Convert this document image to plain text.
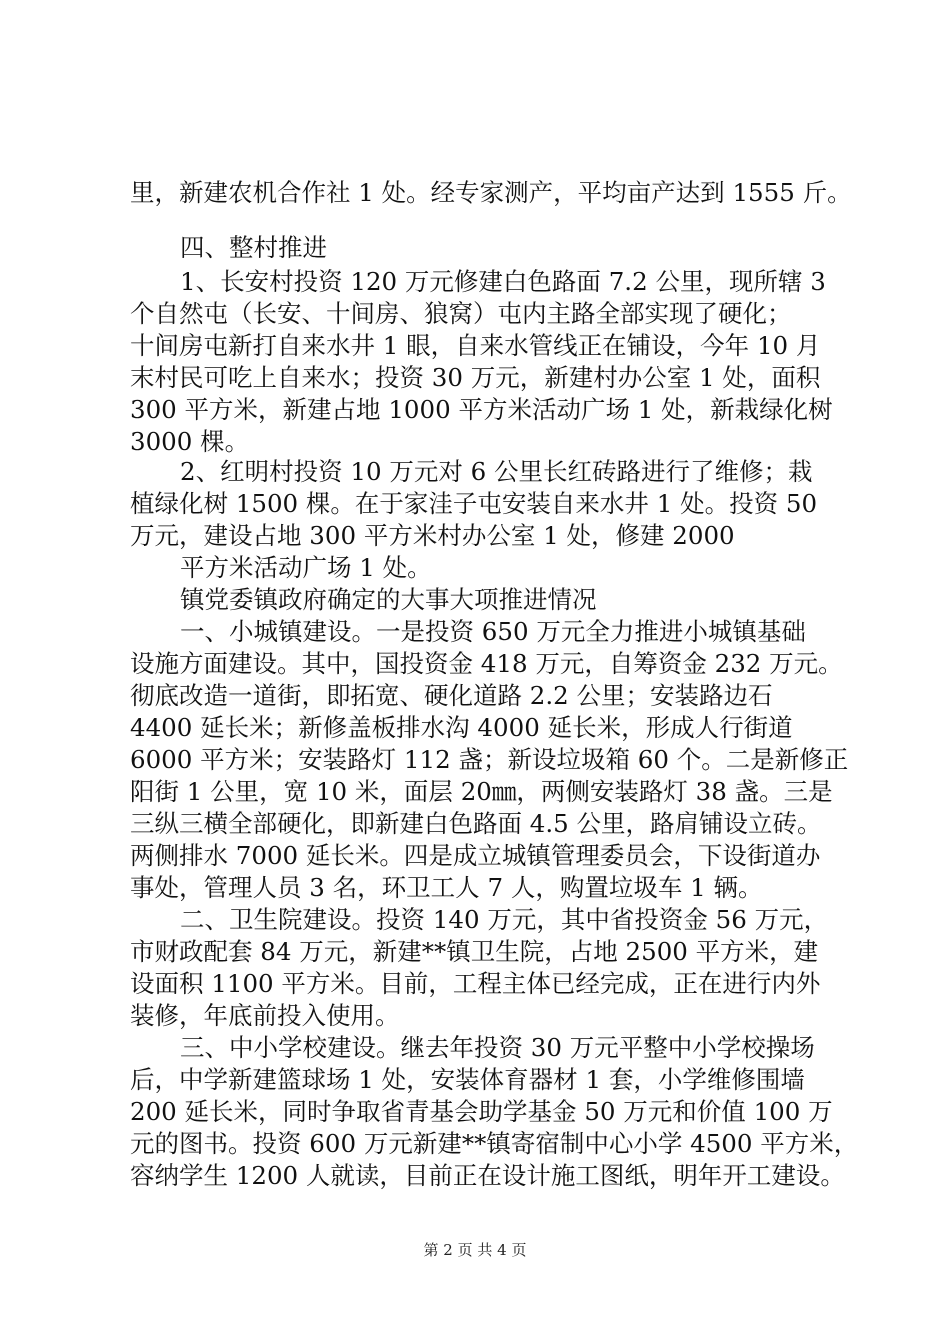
里，新建农机合作社 1 处。经专家测产，平均亩产达到 1555 斤。
四、整村推进
1、长安村投资 120 万元修建白色路面 7.2 公里，现所辖 3
个自然屯（长安、十间房、狼窝）屯内主路全部实现了硬化；
十间房屯新打自来水井 1 眼，自来水管线正在铺设，今年 10 月
末村民可吃上自来水；投资 30 万元，新建村办公室 1 处，面积
300 平方米，新建占地 1000 平方米活动广场 1 处，新栽绿化树
3000 棵。
2、红明村投资 10 万元对 6 公里长红砖路进行了维修；栽
植绿化树 1500 棵。在于家洼子屯安装自来水井 1 处。投资 50
万元，建设占地 300 平方米村办公室 1 处，修建 2000
平方米活动广场 1 处。
镇党委镇政府确定的大事大项推进情况
一、小城镇建设。一是投资 650 万元全力推进小城镇基础
设施方面建设。其中，国投资金 418 万元，自筹资金 232 万元。
彻底改造一道街，即拓宽、硬化道路 2.2 公里；安装路边石
4400 延长米；新修盖板排水沟 4000 延长米，形成人行街道
6000 平方米；安装路灯 112 盏；新设垃圾箱 60 个。二是新修正
阳街 1 公里，宽 10 米，面层 20㎜，两侧安装路灯 38 盏。三是
三纵三横全部硬化，即新建白色路面 4.5 公里，路肩铺设立砖。
两侧排水 7000 延长米。四是成立城镇管理委员会，下设街道办
事处，管理人员 3 名，环卫工人 7 人，购置垃圾车 1 辆。
二、卫生院建设。投资 140 万元，其中省投资金 56 万元，
市财政配套 84 万元，新建**镇卫生院，占地 2500 平方米，建
设面积 1100 平方米。目前，工程主体已经完成，正在进行内外
装修，年底前投入使用。
三、中小学校建设。继去年投资 30 万元平整中小学校操场
后，中学新建篮球场 1 处，安装体育器材 1 套，小学维修围墙
200 延长米，同时争取省青基会助学基金 50 万元和价值 100 万
元的图书。投资 600 万元新建**镇寄宿制中心小学 4500 平方米，
容纳学生 1200 人就读，目前正在设计施工图纸，明年开工建设。
第 2 页 共 4 页
